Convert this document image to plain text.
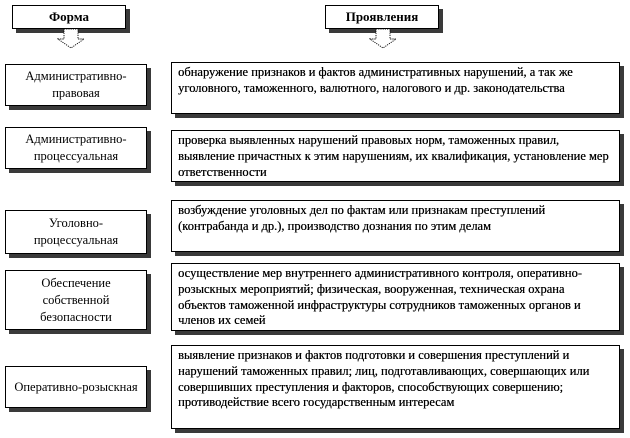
Форма	Проявления
Административно-правовая
обнаружение признаков и фактов административных нарушений, а так же уголовного, таможенного, валютного, налогового и др. законодательства
Административно-процессуальная
проверка выявленных нарушений правовых норм, таможенных правил, выявление причастных к этим нарушениям, их квалификация, установление мер ответственности
Уголовно-процессуальная
возбуждение уголовных дел по фактам или признакам преступлений (контрабанда и др.), производство дознания по этим делам
Обеспечение собственной безопасности
осуществление мер внутреннего административного контроля, оперативно-розыскных мероприятий; физическая, вооруженная, техническая охрана объектов таможенной инфраструктуры сотрудников таможенных органов и членов их семей
Оперативно-розыскная
выявление признаков и фактов подготовки и совершения преступлений и нарушений таможенных правил; лиц, подготавливающих, совершающих или совершивших преступления и факторов, способствующих совершению; противодействие всего государственным интересам
